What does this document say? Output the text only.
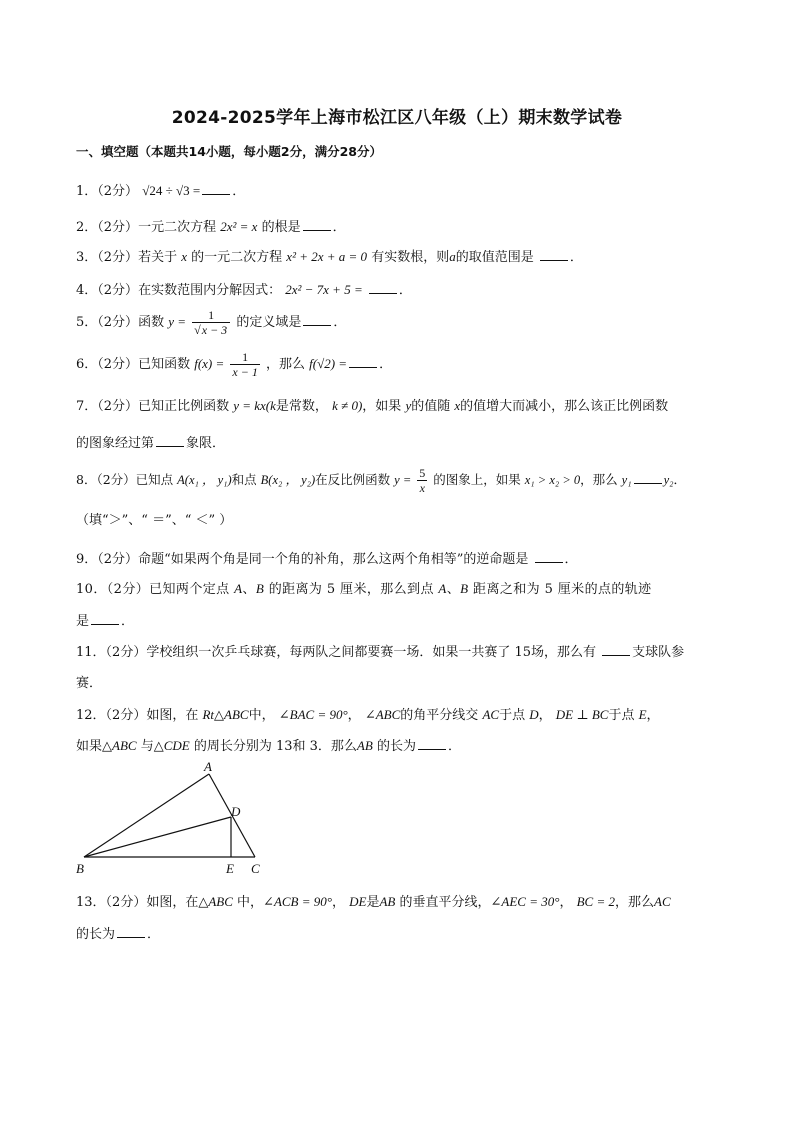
2024-2025学年上海市松江区八年级（上）期末数学试卷
一、填空题（本题共14小题，每小题2分，满分28分）
1．（2分） √24 ÷ √3 = ．
2．（2分）一元二次方程 2x² = x 的根是 ．
3．（2分）若关于 x 的一元二次方程 x² + 2x + a = 0 有实数根，则a的取值范围是	．
4．（2分）在实数范围内分解因式： 2x² − 7x + 5 =	．
5．（2分）函数 $y = \frac{1}{√x - 3}$ 的定义域是 ．
6．（2分）已知函数 $f(x) = \frac{1}{x - 1}$ ，那么 f(√2) = ．
7．（2分）已知正比例函数 y = kx(k是常数， k ≠ 0)，如果 y的值随 x的值增大而减小，那么该正比例函数
的图象经过第 象限．
8．（2分）已知点 A(x₁ ， y₁)和点 B(x₂ ， y₂)在反比例函数 $y = \frac{5}{x}$ 的图象上，如果 x₁ > x₂ > 0，那么 y₁	y₂．
（填“＞”、“ ＝”、“ ＜” ）
9．（2分）命题“如果两个角是同一个角的补角，那么这两个角相等”的逆命题是	．
10．（2分）已知两个定点 A、B 的距离为 5 厘米，那么到点 A、B 距离之和为 5 厘米的点的轨迹
是 ．
11．（2分）学校组织一次乒乓球赛，每两队之间都要赛一场．如果一共赛了 15场，那么有	支球队参
赛．
12．（2分）如图，在 Rt△ABC中， ∠BAC = 90°， ∠ABC的角平分线交 AC于点 D， DE ⊥ BC于点 E，
如果△ABC 与△CDE 的周长分别为 13和 3．那么AB 的长为 ．
A
B	C
D
E
13．（2分）如图，在△ABC 中，∠ACB = 90°， DE是AB 的垂直平分线，∠AEC = 30°， BC = 2，那么AC
的长为 ．
